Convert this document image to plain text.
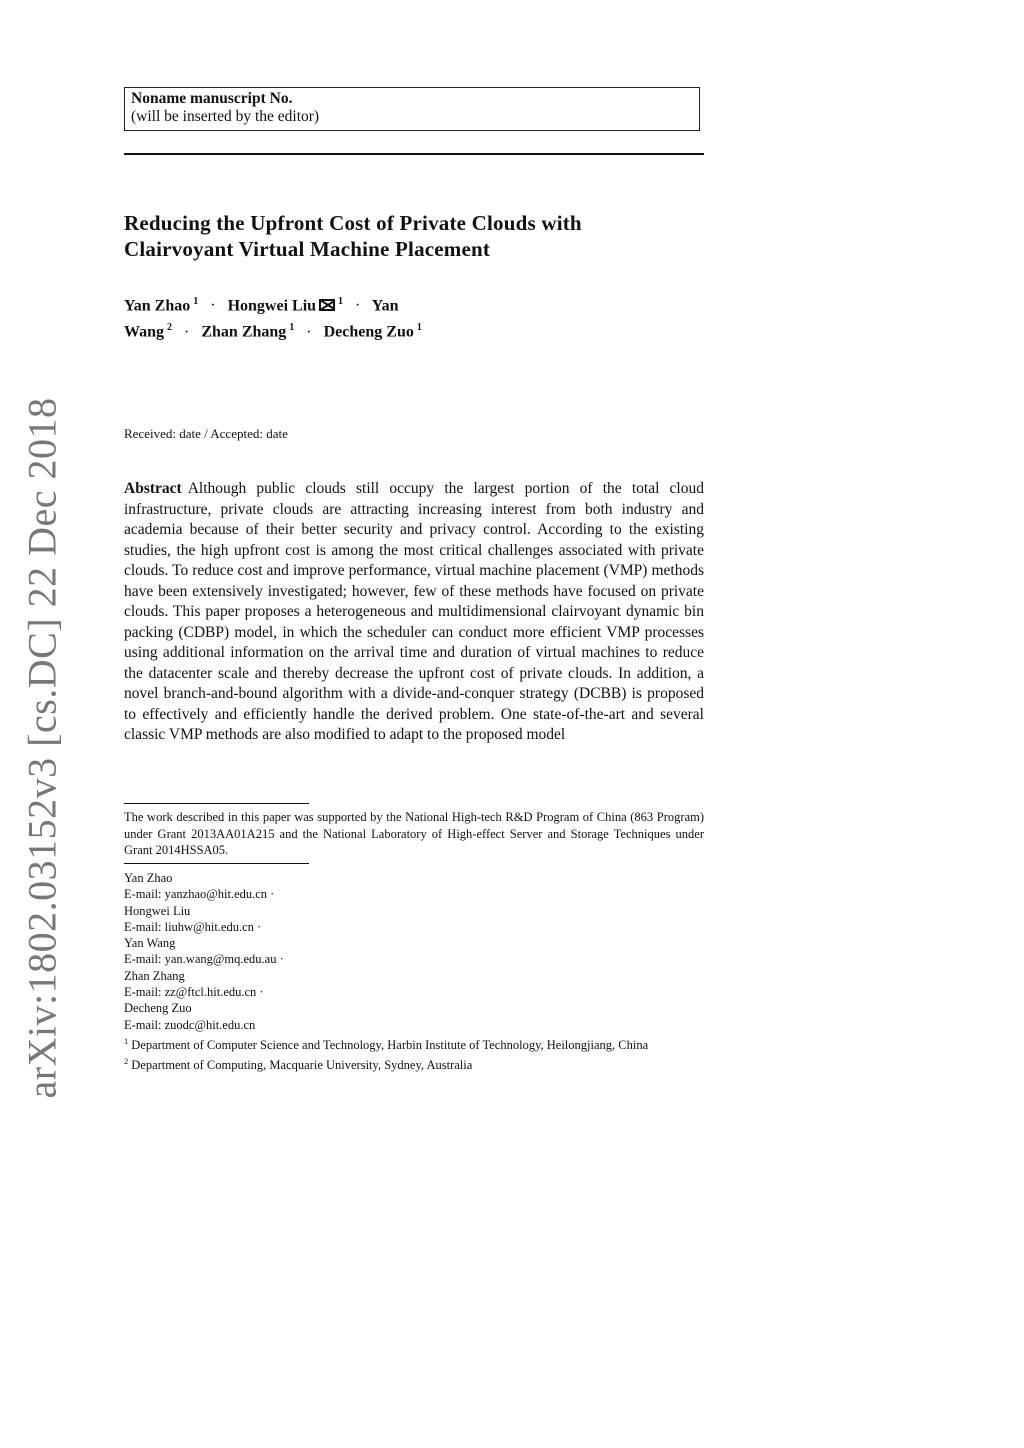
arXiv:1802.03152v3 [cs.DC] 22 Dec 2018
Noname manuscript No.
(will be inserted by the editor)
Reducing the Upfront Cost of Private Clouds with
Clairvoyant Virtual Machine Placement
Yan Zhao $^1$ · Hongwei Liu $^1$ · Yan
Wang $^2$ · Zhan Zhang $^1$ · Decheng Zuo $^1$
Received: date / Accepted: date
Abstract Although public clouds still occupy the largest portion of the total cloud infrastructure, private clouds are attracting increasing interest from both industry and academia because of their better security and privacy control. According to the existing studies, the high upfront cost is among the most critical challenges associated with private clouds. To reduce cost and improve performance, virtual machine placement (VMP) methods have been extensively investigated; however, few of these methods have focused on private clouds. This paper proposes a heterogeneous and multidimensional clairvoyant dynamic bin packing (CDBP) model, in which the scheduler can conduct more efficient VMP processes using additional information on the arrival time and duration of virtual machines to reduce the datacenter scale and thereby decrease the upfront cost of private clouds. In addition, a novel branch-and-bound algorithm with a divide-and-conquer strategy (DCBB) is proposed to effectively and efficiently handle the derived problem. One state-of-the-art and several classic VMP methods are also modified to adapt to the proposed model
The work described in this paper was supported by the National High-tech R&D Program of China (863 Program) under Grant 2013AA01A215 and the National Laboratory of High-effect Server and Storage Techniques under Grant 2014HSSA05.
Yan Zhao
E-mail: yanzhao@hit.edu.cn ·
Hongwei Liu
E-mail: liuhw@hit.edu.cn ·
Yan Wang
E-mail: yan.wang@mq.edu.au ·
Zhan Zhang
E-mail: zz@ftcl.hit.edu.cn ·
Decheng Zuo
E-mail: zuodc@hit.edu.cn
$^1$ Department of Computer Science and Technology, Harbin Institute of Technology, Heilongjiang, China
$^2$ Department of Computing, Macquarie University, Sydney, Australia
